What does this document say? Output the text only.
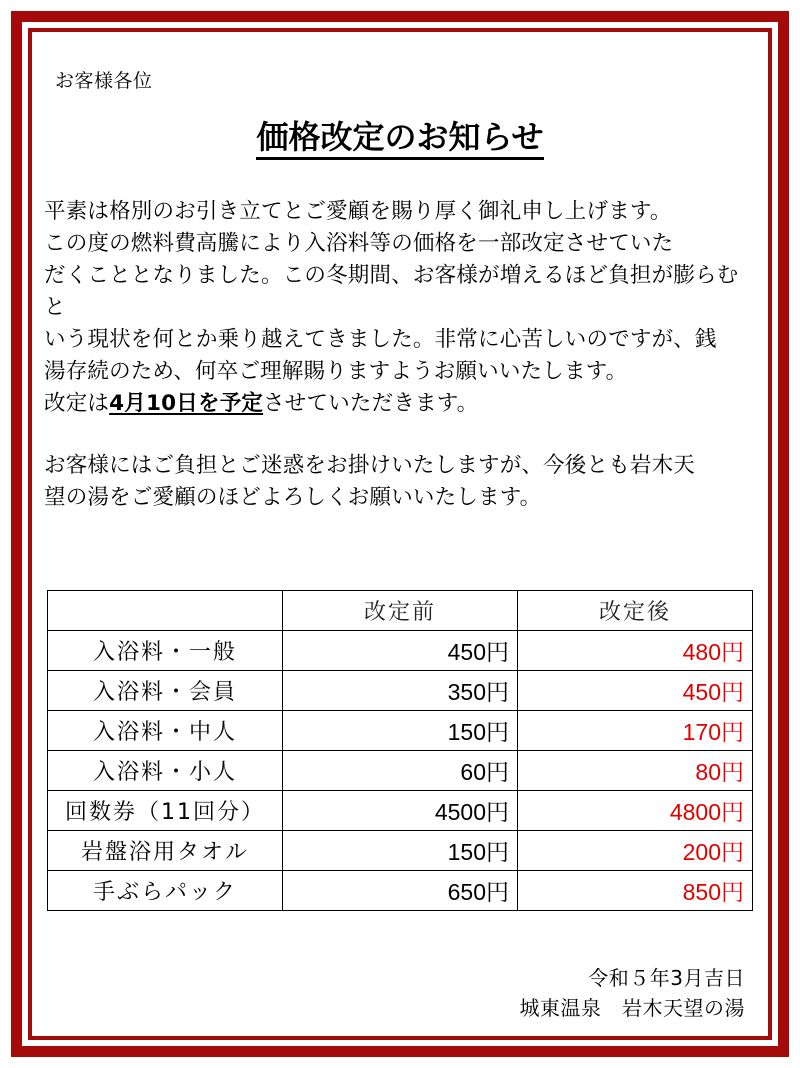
お客様各位
価格改定のお知らせ
平素は格別のお引き立てとご愛顧を賜り厚く御礼申し上げます。
この度の燃料費高騰により入浴料等の価格を一部改定させていた
だくこととなりました。この冬期間、お客様が増えるほど負担が膨らむと
いう現状を何とか乗り越えてきました。非常に心苦しいのですが、銭
湯存続のため、何卒ご理解賜りますようお願いいたします。
改定は4月10日を予定させていただきます。
お客様にはご負担とご迷惑をお掛けいたしますが、今後とも岩木天
望の湯をご愛顧のほどよろしくお願いいたします。
	改定前	改定後
入浴料・一般	450円	480円
入浴料・会員	350円	450円
入浴料・中人	150円	170円
入浴料・小人	60円	80円
回数券（11回分）	4500円	4800円
岩盤浴用タオル	150円	200円
手ぶらパック	650円	850円
令和５年3月吉日
城東温泉　岩木天望の湯
